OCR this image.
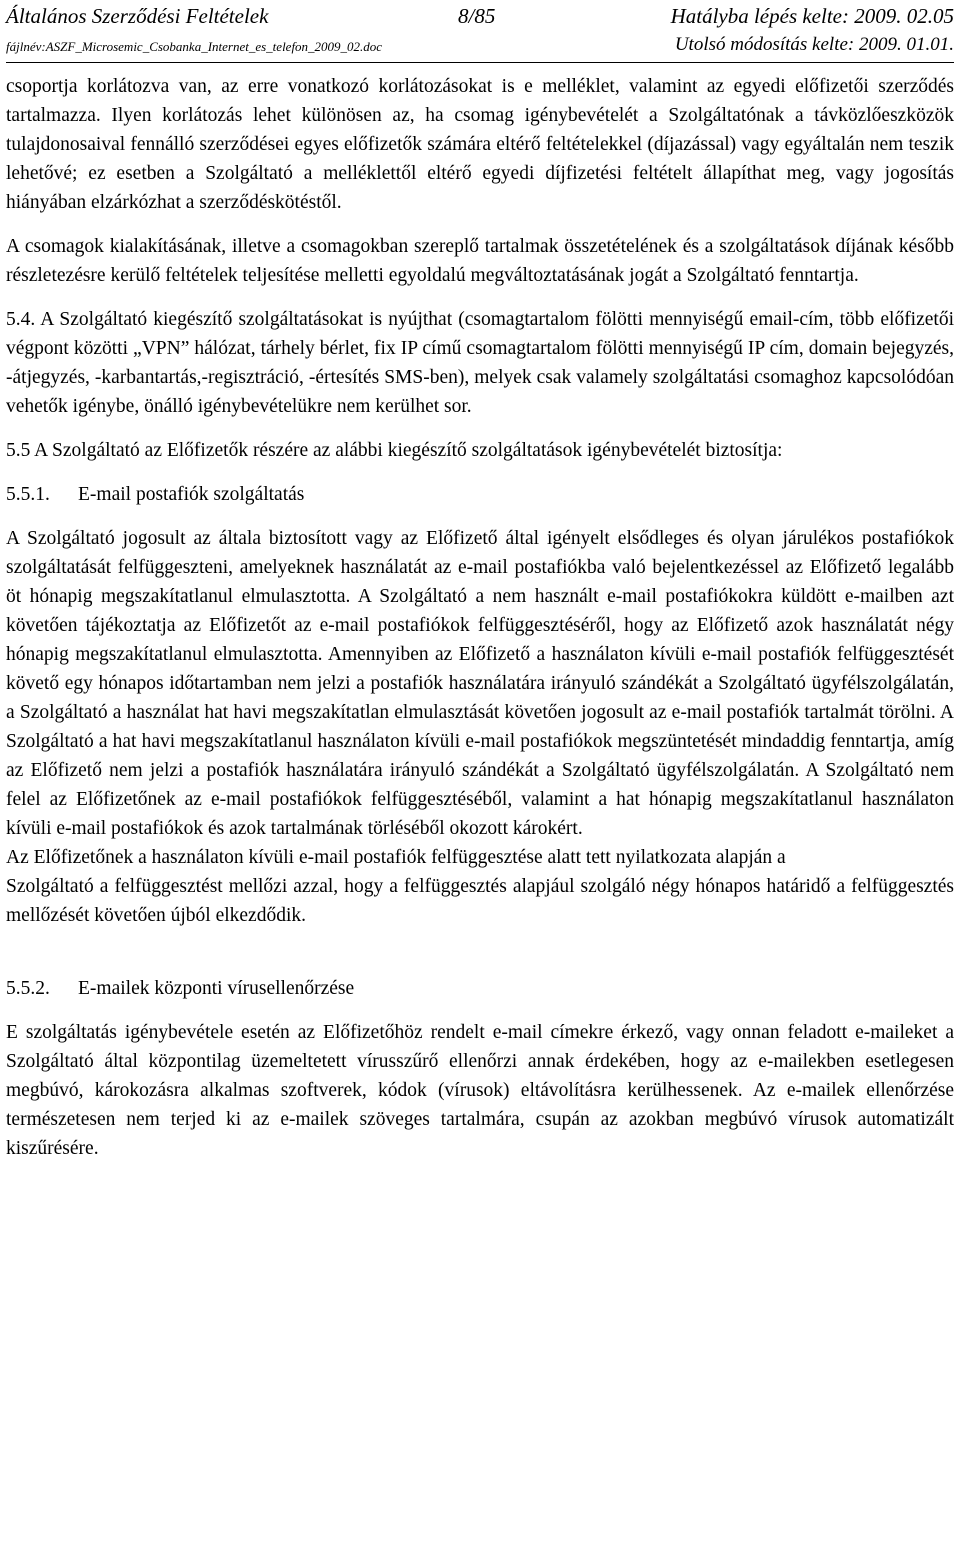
Általános Szerződési Feltételek	8/85	Hatályba lépés kelte: 2009. 02.05
fájlnév:ASZF_Microsemic_Csobanka_Internet_es_telefon_2009_02.doc	Utolsó módosítás kelte: 2009. 01.01.

csoportja korlátozva van, az erre vonatkozó korlátozásokat is e melléklet, valamint az egyedi előfizetői szerződés tartalmazza. Ilyen korlátozás lehet különösen az, ha csomag igénybevételét a Szolgáltatónak a távközlőeszközök tulajdonosaival fennálló szerződései egyes előfizetők számára eltérő feltételekkel (díjazással) vagy egyáltalán nem teszik lehetővé; ez esetben a Szolgáltató a melléklettől eltérő egyedi díjfizetési feltételt állapíthat meg, vagy jogosítás hiányában elzárkózhat a szerződéskötéstől.

A csomagok kialakításának, illetve a csomagokban szereplő tartalmak összetételének és a szolgáltatások díjának később részletezésre kerülő feltételek teljesítése melletti egyoldalú megváltoztatásának jogát a Szolgáltató fenntartja.

5.4. A Szolgáltató kiegészítő szolgáltatásokat is nyújthat (csomagtartalom fölötti mennyiségű email-cím, több előfizetői végpont közötti „VPN” hálózat, tárhely bérlet, fix IP című csomagtartalom fölötti mennyiségű IP cím, domain bejegyzés, -átjegyzés, -karbantartás,-regisztráció, -értesítés SMS-ben), melyek csak valamely szolgáltatási csomaghoz kapcsolódóan vehetők igénybe, önálló igénybevételükre nem kerülhet sor.

5.5 A Szolgáltató az Előfizetők részére az alábbi kiegészítő szolgáltatások igénybevételét biztosítja:

5.5.1. E-mail postafiók szolgáltatás

A Szolgáltató jogosult az általa biztosított vagy az Előfizető által igényelt elsődleges és olyan járulékos postafiókok szolgáltatását felfüggeszteni, amelyeknek használatát az e-mail postafiókba való bejelentkezéssel az Előfizető legalább öt hónapig megszakítatlanul elmulasztotta. A Szolgáltató a nem használt e-mail postafiókokra küldött e-mailben azt követően tájékoztatja az Előfizetőt az e-mail postafiókok felfüggesztéséről, hogy az Előfizető azok használatát négy hónapig megszakítatlanul elmulasztotta. Amennyiben az Előfizető a használaton kívüli e-mail postafiók felfüggesztését követő egy hónapos időtartamban nem jelzi a postafiók használatára irányuló szándékát a Szolgáltató ügyfélszolgálatán, a Szolgáltató a használat hat havi megszakítatlan elmulasztását követően jogosult az e-mail postafiók tartalmát törölni. A Szolgáltató a hat havi megszakítatlanul használaton kívüli e-mail postafiókok megszüntetését mindaddig fenntartja, amíg az Előfizető nem jelzi a postafiók használatára irányuló szándékát a Szolgáltató ügyfélszolgálatán. A Szolgáltató nem felel az Előfizetőnek az e-mail postafiókok felfüggesztéséből, valamint a hat hónapig megszakítatlanul használaton kívüli e-mail postafiókok és azok tartalmának törléséből okozott károkért.

Az Előfizetőnek a használaton kívüli e-mail postafiók felfüggesztése alatt tett nyilatkozata alapján a

Szolgáltató a felfüggesztést mellőzi azzal, hogy a felfüggesztés alapjául szolgáló négy hónapos határidő a felfüggesztés mellőzését követően újból elkezdődik.

5.5.2. E-mailek központi vírusellenőrzése

E szolgáltatás igénybevétele esetén az Előfizetőhöz rendelt e-mail címekre érkező, vagy onnan feladott e-maileket a Szolgáltató által központilag üzemeltetett vírusszűrő ellenőrzi annak érdekében, hogy az e-mailekben esetlegesen megbúvó, károkozásra alkalmas szoftverek, kódok (vírusok) eltávolításra kerülhessenek. Az e-mailek ellenőrzése természetesen nem terjed ki az e-mailek szöveges tartalmára, csupán az azokban megbúvó vírusok automatizált kiszűrésére.
